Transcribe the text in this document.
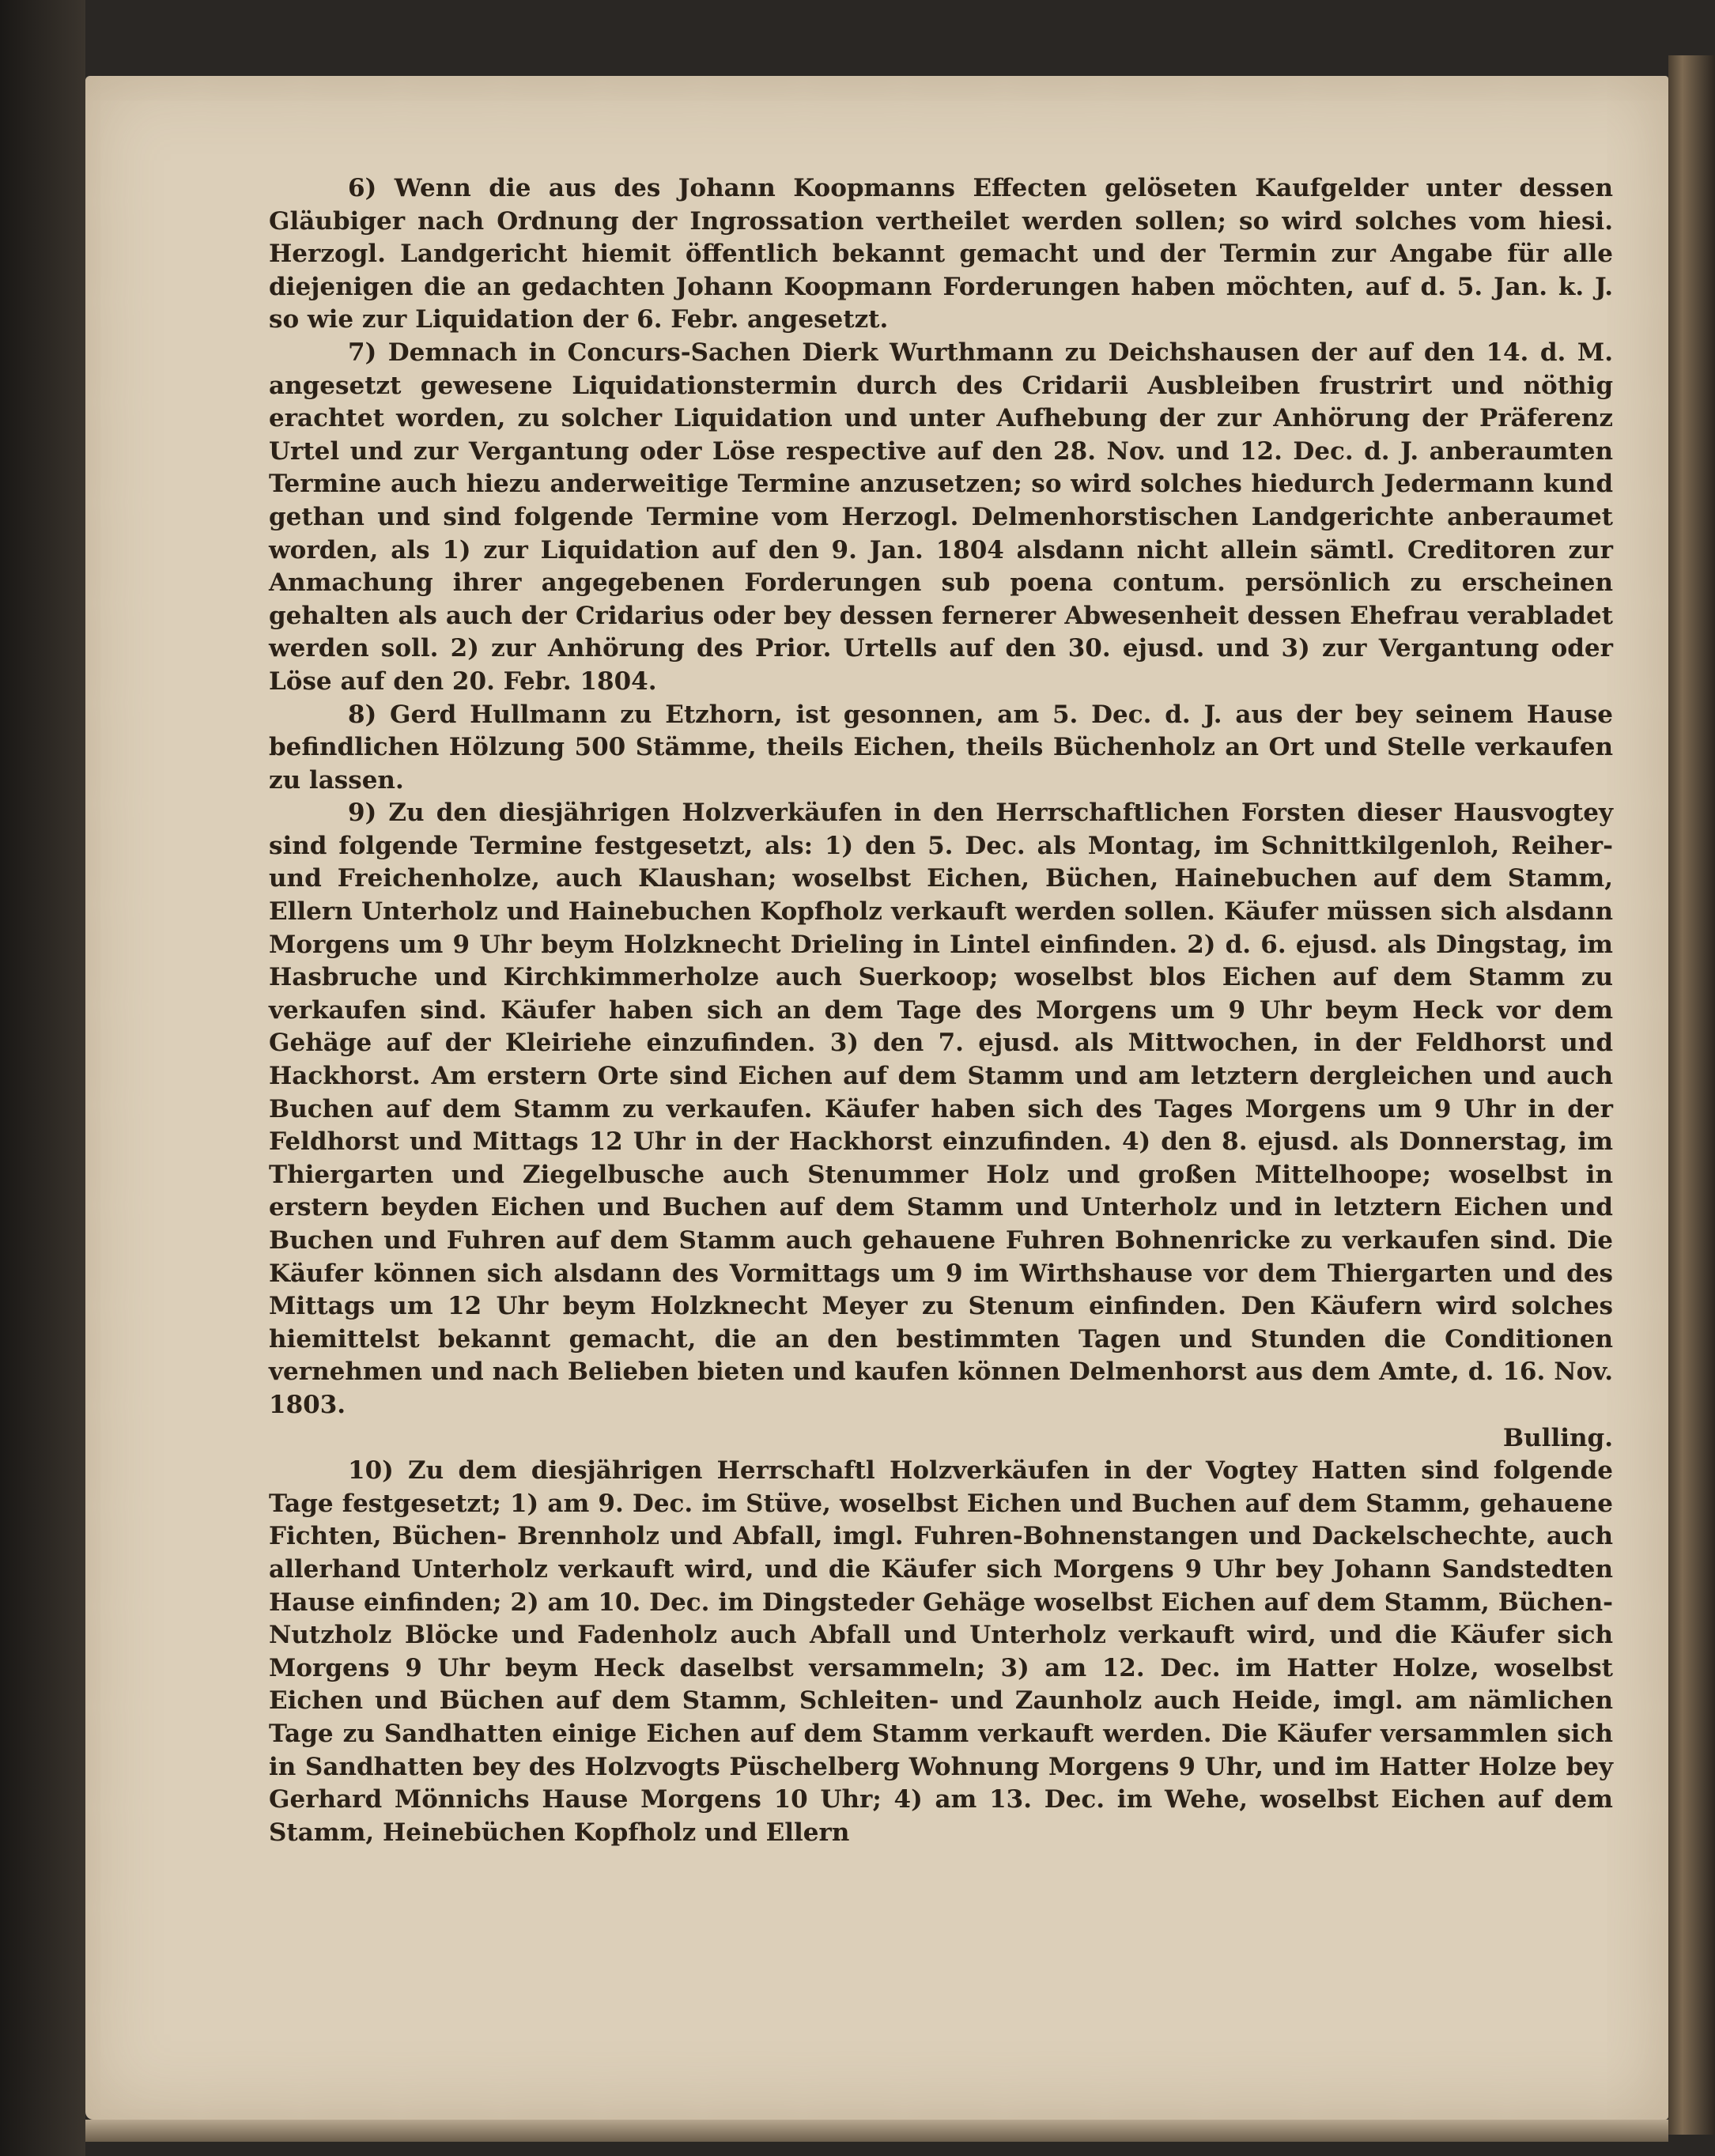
6) Wenn die aus des Johann Koopmanns Effecten gelöseten Kaufgelder unter dessen Gläubiger nach Ordnung der Ingrossation vertheilet werden sollen; so wird solches vom hiesi. Herzogl. Landgericht hiemit öffentlich bekannt gemacht und der Termin zur Angabe für alle diejenigen die an gedachten Johann Koopmann Forderungen haben möchten, auf d. 5. Jan. k. J. so wie zur Liquidation der 6. Febr. angesetzt.

7) Demnach in Concurs-Sachen Dierk Wurthmann zu Deichshausen der auf den 14. d. M. angesetzt gewesene Liquidationstermin durch des Cridarii Ausbleiben frustrirt und nöthig erachtet worden, zu solcher Liquidation und unter Aufhebung der zur Anhörung der Präferenz Urtel und zur Vergantung oder Löse respective auf den 28. Nov. und 12. Dec. d. J. anberaumten Termine auch hiezu anderweitige Termine anzusetzen; so wird solches hiedurch Jedermann kund gethan und sind folgende Termine vom Herzogl. Delmenhorstischen Landgerichte anberaumet worden, als 1) zur Liquidation auf den 9. Jan. 1804 alsdann nicht allein sämtl. Creditoren zur Anmachung ihrer angegebenen Forderungen sub poena contum. persönlich zu erscheinen gehalten als auch der Cridarius oder bey dessen fernerer Abwesenheit dessen Ehefrau verabladet werden soll. 2) zur Anhörung des Prior. Urtells auf den 30. ejusd. und 3) zur Vergantung oder Löse auf den 20. Febr. 1804.

8) Gerd Hullmann zu Etzhorn, ist gesonnen, am 5. Dec. d. J. aus der bey seinem Hause befindlichen Hölzung 500 Stämme, theils Eichen, theils Büchenholz an Ort und Stelle verkaufen zu lassen.

9) Zu den diesjährigen Holzverkäufen in den Herrschaftlichen Forsten dieser Hausvogtey sind folgende Termine festgesetzt, als: 1) den 5. Dec. als Montag, im Schnittkilgenloh, Reiher- und Freichenholze, auch Klaushan; woselbst Eichen, Büchen, Hainebuchen auf dem Stamm, Ellern Unterholz und Hainebuchen Kopfholz verkauft werden sollen. Käufer müssen sich alsdann Morgens um 9 Uhr beym Holzknecht Drieling in Lintel einfinden. 2) d. 6. ejusd. als Dingstag, im Hasbruche und Kirchkimmerholze auch Suerkoop; woselbst blos Eichen auf dem Stamm zu verkaufen sind. Käufer haben sich an dem Tage des Morgens um 9 Uhr beym Heck vor dem Gehäge auf der Kleiriehe einzufinden. 3) den 7. ejusd. als Mittwochen, in der Feldhorst und Hackhorst. Am erstern Orte sind Eichen auf dem Stamm und am letztern dergleichen und auch Buchen auf dem Stamm zu verkaufen. Käufer haben sich des Tages Morgens um 9 Uhr in der Feldhorst und Mittags 12 Uhr in der Hackhorst einzufinden. 4) den 8. ejusd. als Donnerstag, im Thiergarten und Ziegelbusche auch Stenummer Holz und großen Mittelhoope; woselbst in erstern beyden Eichen und Buchen auf dem Stamm und Unterholz und in letztern Eichen und Buchen und Fuhren auf dem Stamm auch gehauene Fuhren Bohnenricke zu verkaufen sind. Die Käufer können sich alsdann des Vormittags um 9 im Wirthshause vor dem Thiergarten und des Mittags um 12 Uhr beym Holzknecht Meyer zu Stenum einfinden. Den Käufern wird solches hiemittelst bekannt gemacht, die an den bestimmten Tagen und Stunden die Conditionen vernehmen und nach Belieben bieten und kaufen können Delmenhorst aus dem Amte, d. 16. Nov. 1803.
Bulling.

10) Zu dem diesjährigen Herrschaftl Holzverkäufen in der Vogtey Hatten sind folgende Tage festgesetzt; 1) am 9. Dec. im Stüve, woselbst Eichen und Buchen auf dem Stamm, gehauene Fichten, Büchen- Brennholz und Abfall, imgl. Fuhren-Bohnenstangen und Dackelschechte, auch allerhand Unterholz verkauft wird, und die Käufer sich Morgens 9 Uhr bey Johann Sandstedten Hause einfinden; 2) am 10. Dec. im Dingsteder Gehäge woselbst Eichen auf dem Stamm, Büchen- Nutzholz Blöcke und Fadenholz auch Abfall und Unterholz verkauft wird, und die Käufer sich Morgens 9 Uhr beym Heck daselbst versammeln; 3) am 12. Dec. im Hatter Holze, woselbst Eichen und Büchen auf dem Stamm, Schleiten- und Zaunholz auch Heide, imgl. am nämlichen Tage zu Sandhatten einige Eichen auf dem Stamm verkauft werden. Die Käufer versammlen sich in Sandhatten bey des Holzvogts Püschelberg Wohnung Morgens 9 Uhr, und im Hatter Holze bey Gerhard Mönnichs Hause Morgens 10 Uhr; 4) am 13. Dec. im Wehe, woselbst Eichen auf dem Stamm, Heinebüchen Kopfholz und Ellern
